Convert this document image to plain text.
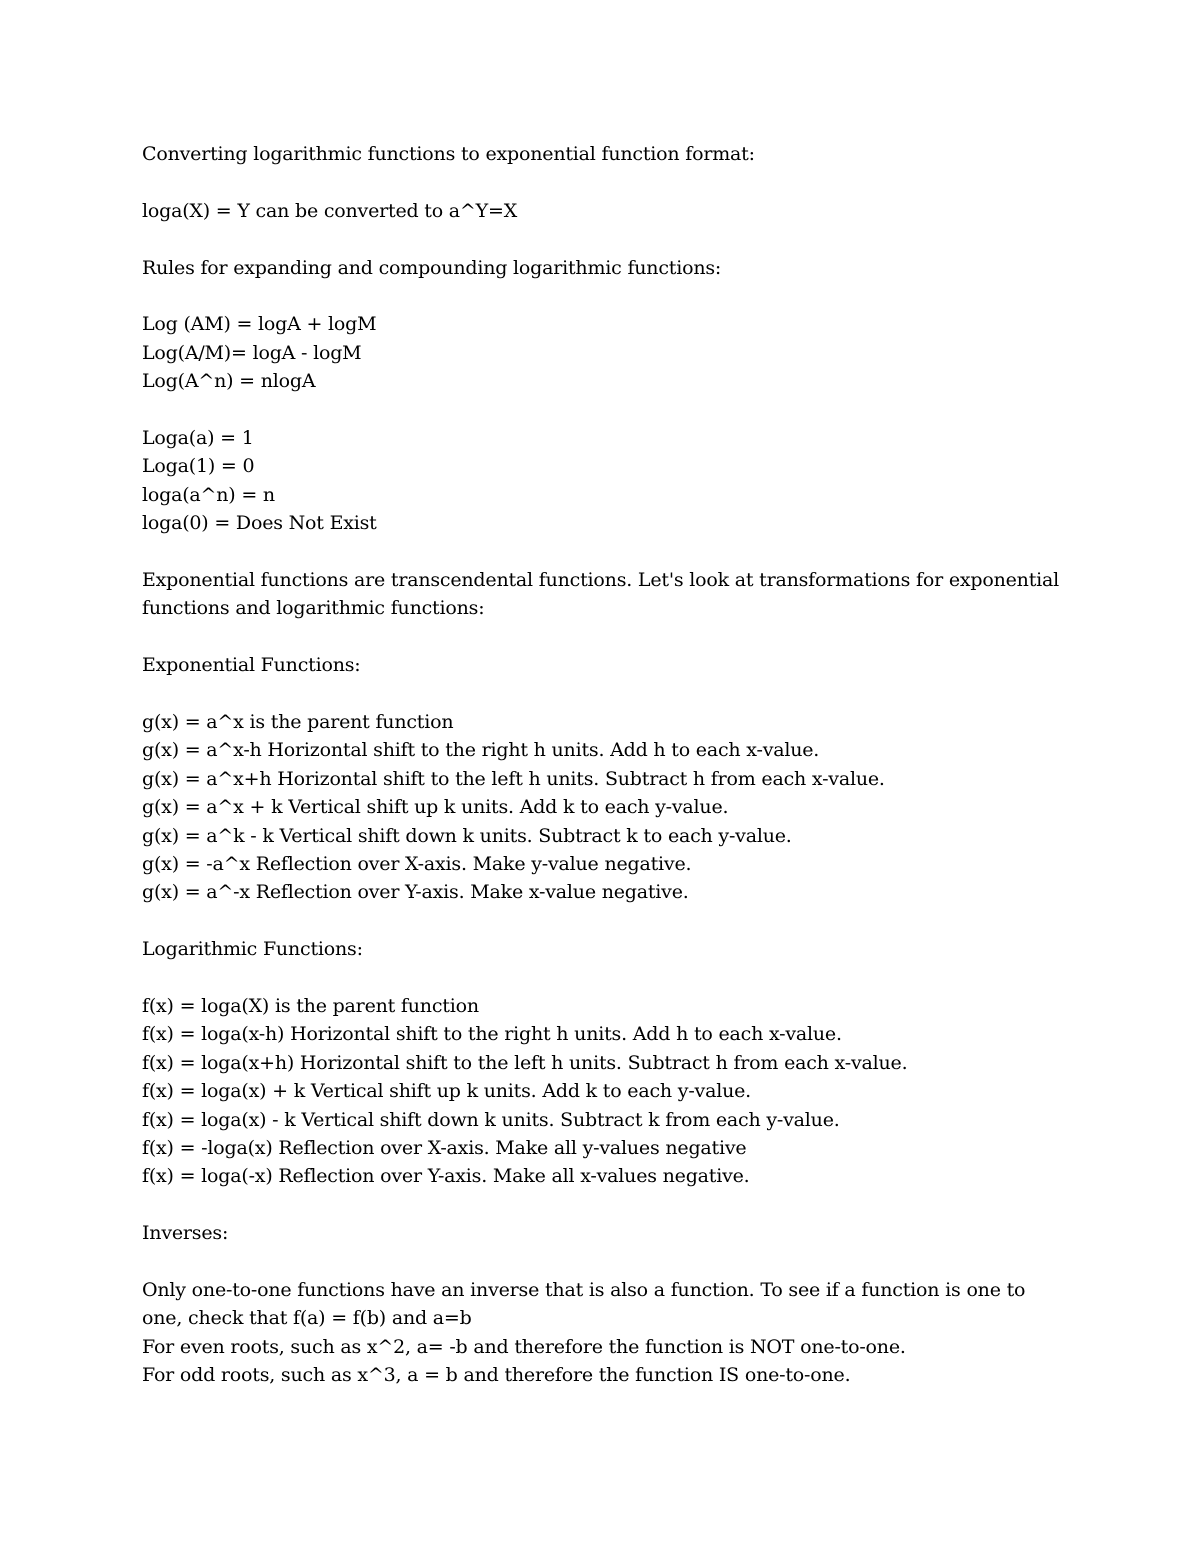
Converting logarithmic functions to exponential function format:
loga(X) = Y can be converted to a^Y=X
Rules for expanding and compounding logarithmic functions:
Log (AM) = logA + logM
Log(A/M)= logA - logM
Log(A^n) = nlogA
Loga(a) = 1
Loga(1) = 0
loga(a^n) = n
loga(0) = Does Not Exist
Exponential functions are transcendental functions. Let's look at transformations for exponential functions and logarithmic functions:
Exponential Functions:
g(x) = a^x is the parent function
g(x) = a^x-h Horizontal shift to the right h units. Add h to each x-value.
g(x) = a^x+h Horizontal shift to the left h units. Subtract h from each x-value.
g(x) = a^x + k Vertical shift up k units. Add k to each y-value.
g(x) = a^k - k Vertical shift down k units. Subtract k to each y-value.
g(x) = -a^x Reflection over X-axis. Make y-value negative.
g(x) = a^-x Reflection over Y-axis. Make x-value negative.
Logarithmic Functions:
f(x) = loga(X) is the parent function
f(x) = loga(x-h) Horizontal shift to the right h units. Add h to each x-value.
f(x) = loga(x+h) Horizontal shift to the left h units. Subtract h from each x-value.
f(x) = loga(x) + k Vertical shift up k units. Add k to each y-value.
f(x) = loga(x) - k Vertical shift down k units. Subtract k from each y-value.
f(x) = -loga(x) Reflection over X-axis. Make all y-values negative
f(x) = loga(-x) Reflection over Y-axis. Make all x-values negative.
Inverses:
Only one-to-one functions have an inverse that is also a function. To see if a function is one to one, check that f(a) = f(b) and a=b
For even roots, such as x^2, a= -b and therefore the function is NOT one-to-one.
For odd roots, such as x^3, a = b and therefore the function IS one-to-one.
